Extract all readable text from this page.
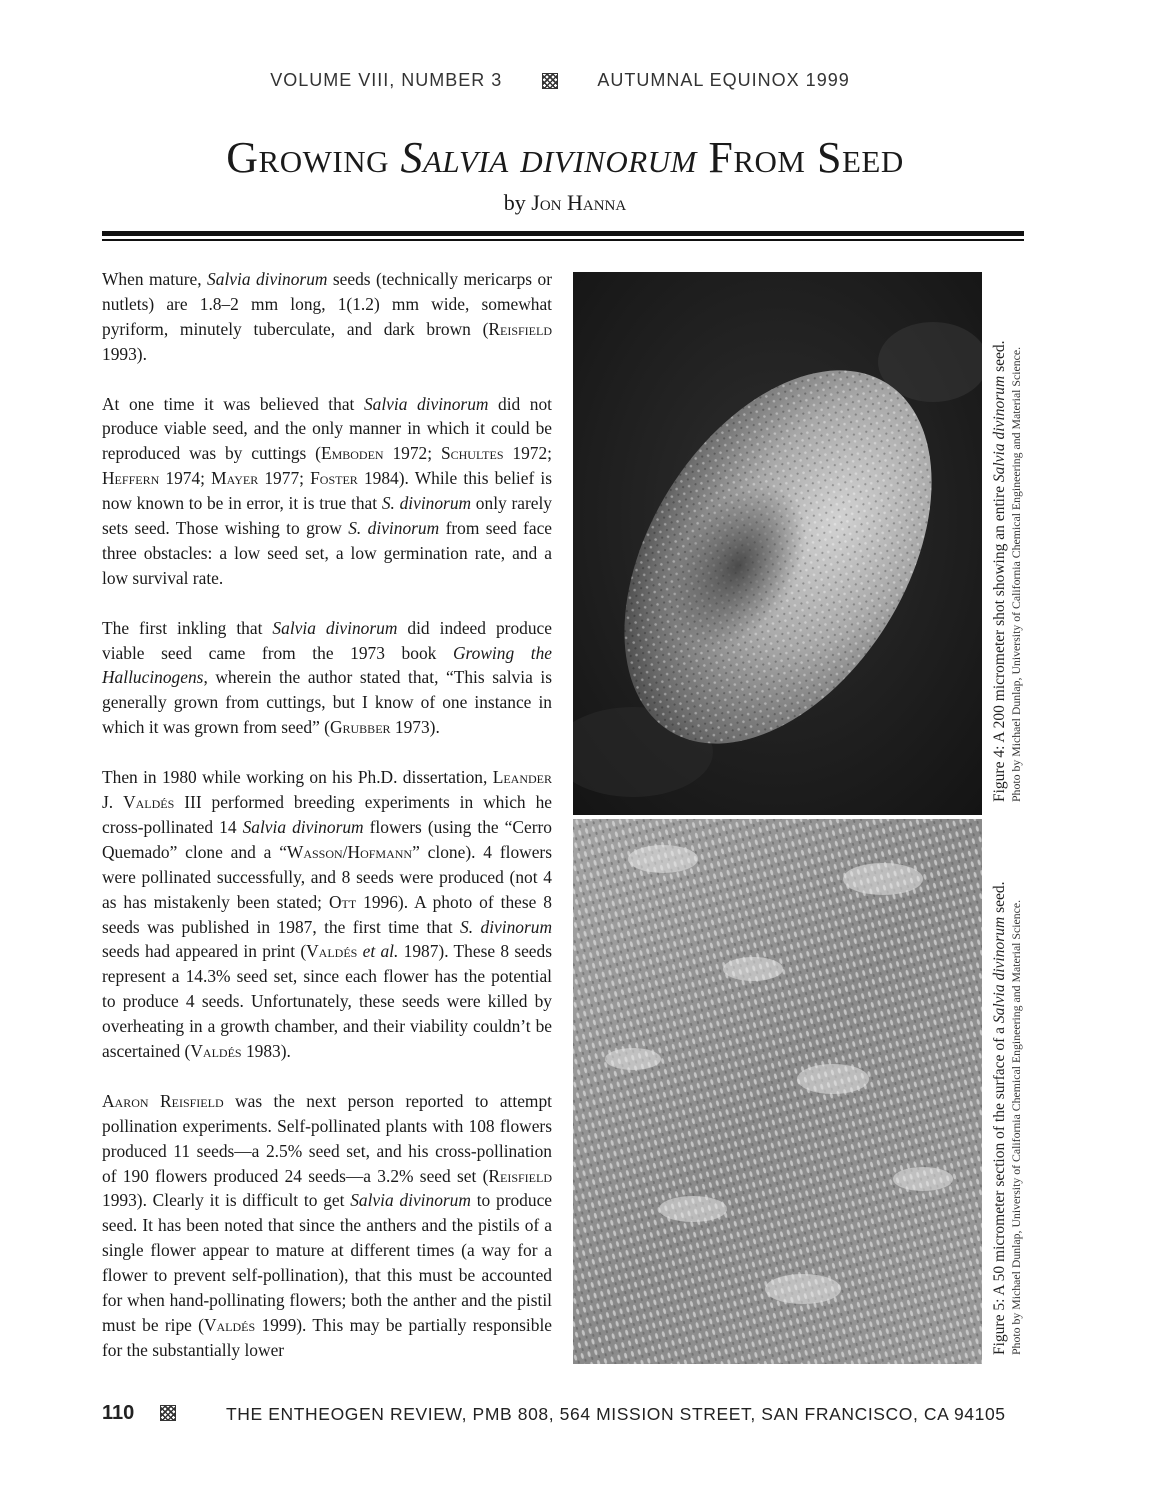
VOLUME VIII, NUMBER 3	AUTUMNAL EQUINOX 1999
Growing Salvia divinorum From Seed
by Jon Hanna

When mature, Salvia divinorum seeds (technically mericarps or nutlets) are 1.8–2 mm long, 1(1.2) mm wide, somewhat pyriform, minutely tuberculate, and dark brown (Reisfield 1993).

At one time it was believed that Salvia divinorum did not produce viable seed, and the only manner in which it could be reproduced was by cuttings (Emboden 1972; Schultes 1972; Heffern 1974; Mayer 1977; Foster 1984). While this belief is now known to be in error, it is true that S. divinorum only rarely sets seed. Those wishing to grow S. divinorum from seed face three obstacles: a low seed set, a low germination rate, and a low survival rate.

The first inkling that Salvia divinorum did indeed produce viable seed came from the 1973 book Growing the Hallucinogens, wherein the author stated that, “This salvia is generally grown from cuttings, but I know of one instance in which it was grown from seed” (Grubber 1973).

Then in 1980 while working on his Ph.D. dissertation, Leander J. Valdés III performed breeding experiments in which he cross-pollinated 14 Salvia divinorum flowers (using the “Cerro Quemado” clone and a “Wasson/Hofmann” clone). 4 flowers were pollinated successfully, and 8 seeds were produced (not 4 as has mistakenly been stated; Ott 1996). A photo of these 8 seeds was published in 1987, the first time that S. divinorum seeds had appeared in print (Valdés et al. 1987). These 8 seeds represent a 14.3% seed set, since each flower has the potential to produce 4 seeds. Unfortunately, these seeds were killed by overheating in a growth chamber, and their viability couldn’t be ascertained (Valdés 1983).

Aaron Reisfield was the next person reported to attempt pollination experiments. Self-pollinated plants with 108 flowers produced 11 seeds—a 2.5% seed set, and his cross-pollination of 190 flowers produced 24 seeds—a 3.2% seed set (Reisfield 1993). Clearly it is difficult to get Salvia divinorum to produce seed. It has been noted that since the anthers and the pistils of a single flower appear to mature at different times (a way for a flower to prevent self-pollination), that this must be accounted for when hand-pollinating flowers; both the anther and the pistil must be ripe (Valdés 1999). This may be partially responsible for the substantially lower

Figure 4: A 200 micrometer shot showing an entire Salvia divinorum seed. Photo by Michael Dunlap, University of California Chemical Engineering and Material Science.
Figure 5: A 50 micrometer section of the surface of a Salvia divinorum seed.
Photo by Michael Dunlap, University of California Chemical Engineering and Material Science.
110	THE ENTHEOGEN REVIEW, PMB 808, 564 MISSION STREET, SAN FRANCISCO, CA 94105
